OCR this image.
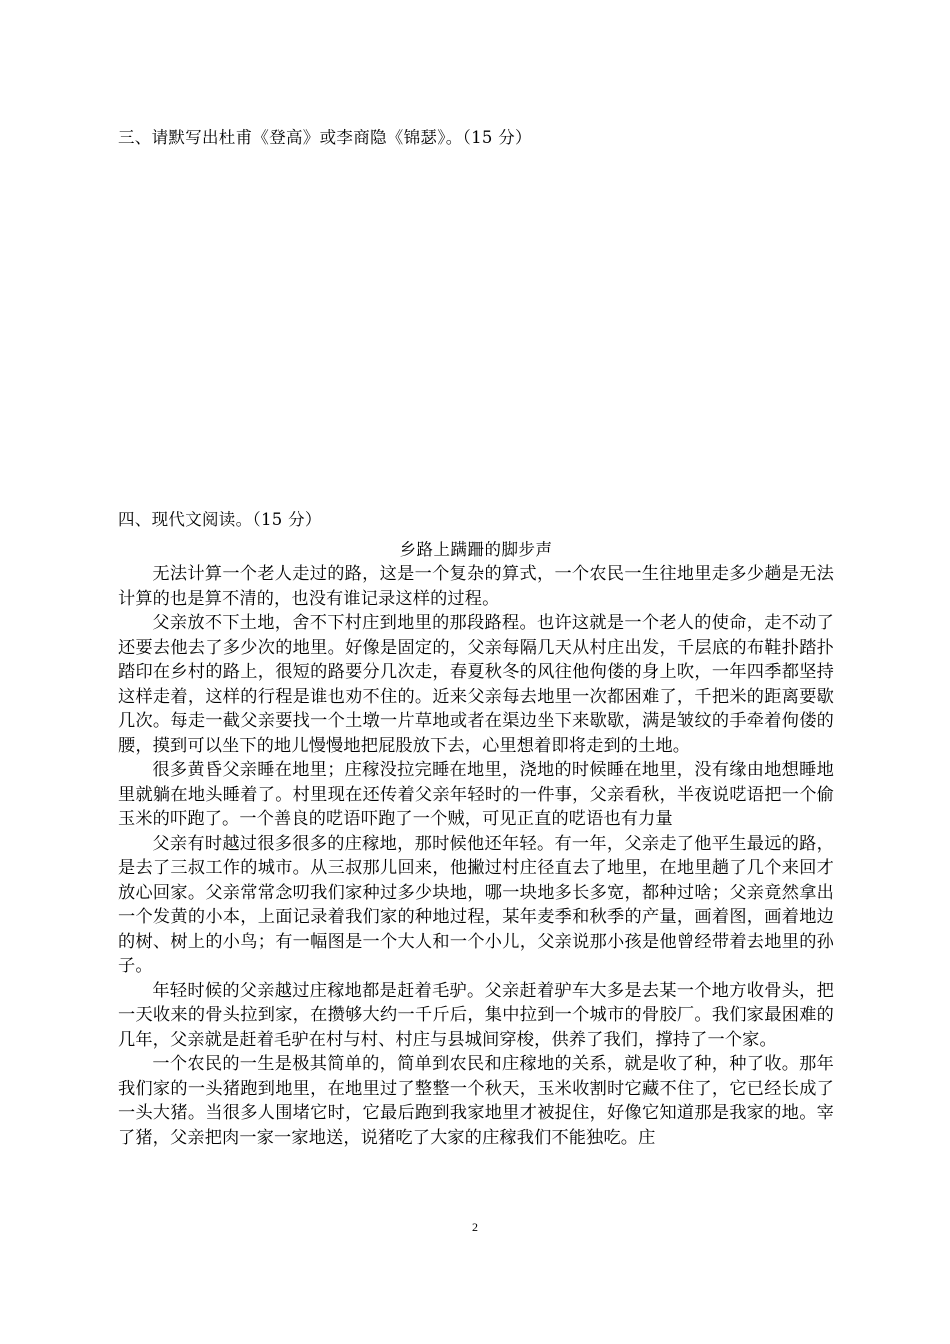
三、请默写出杜甫《登高》或李商隐《锦瑟》。（15 分）
四、现代文阅读。（15 分）
乡路上蹒跚的脚步声

无法计算一个老人走过的路，这是一个复杂的算式，一个农民一生往地里走多少趟是无法计算的也是算不清的，也没有谁记录这样的过程。

父亲放不下土地，舍不下村庄到地里的那段路程。也许这就是一个老人的使命，走不动了还要去他去了多少次的地里。好像是固定的，父亲每隔几天从村庄出发，千层底的布鞋扑踏扑踏印在乡村的路上，很短的路要分几次走，春夏秋冬的风往他佝偻的身上吹，一年四季都坚持这样走着，这样的行程是谁也劝不住的。近来父亲每去地里一次都困难了，千把米的距离要歇几次。每走一截父亲要找一个土墩一片草地或者在渠边坐下来歇歇，满是皱纹的手牵着佝偻的腰，摸到可以坐下的地儿慢慢地把屁股放下去，心里想着即将走到的土地。

很多黄昏父亲睡在地里；庄稼没拉完睡在地里，浇地的时候睡在地里，没有缘由地想睡地里就躺在地头睡着了。村里现在还传着父亲年轻时的一件事，父亲看秋，半夜说呓语把一个偷玉米的吓跑了。一个善良的呓语吓跑了一个贼，可见正直的呓语也有力量

父亲有时越过很多很多的庄稼地，那时候他还年轻。有一年，父亲走了他平生最远的路，是去了三叔工作的城市。从三叔那儿回来，他撇过村庄径直去了地里，在地里趟了几个来回才放心回家。父亲常常念叨我们家种过多少块地，哪一块地多长多宽，都种过啥；父亲竟然拿出一个发黄的小本，上面记录着我们家的种地过程，某年麦季和秋季的产量，画着图，画着地边的树、树上的小鸟；有一幅图是一个大人和一个小儿，父亲说那小孩是他曾经带着去地里的孙子。

年轻时候的父亲越过庄稼地都是赶着毛驴。父亲赶着驴车大多是去某一个地方收骨头，把一天收来的骨头拉到家，在攒够大约一千斤后，集中拉到一个城市的骨胶厂。我们家最困难的几年，父亲就是赶着毛驴在村与村、村庄与县城间穿梭，供养了我们，撑持了一个家。

一个农民的一生是极其简单的，简单到农民和庄稼地的关系，就是收了种，种了收。那年我们家的一头猪跑到地里，在地里过了整整一个秋天，玉米收割时它藏不住了，它已经长成了一头大猪。当很多人围堵它时，它最后跑到我家地里才被捉住，好像它知道那是我家的地。宰了猪，父亲把肉一家一家地送，说猪吃了大家的庄稼我们不能独吃。庄

2
